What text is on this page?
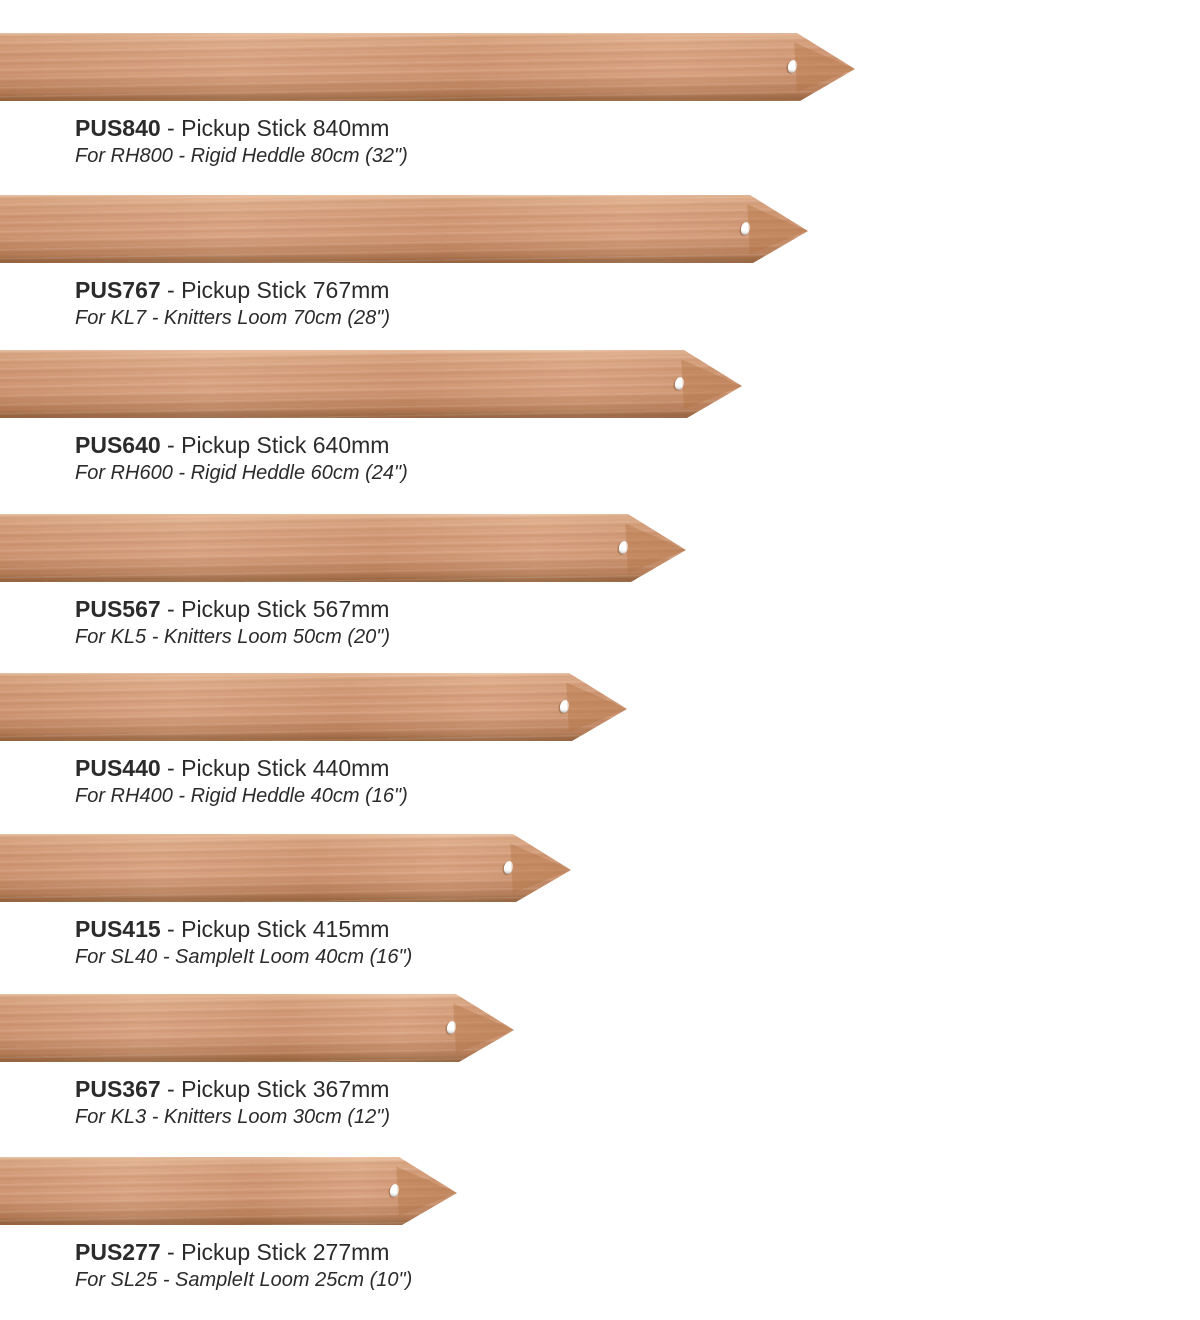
PUS840 - Pickup Stick 840mm

For RH800 - Rigid Heddle 80cm (32")

PUS767 - Pickup Stick 767mm

For KL7 - Knitters Loom 70cm (28")

PUS640 - Pickup Stick 640mm

For RH600 - Rigid Heddle 60cm (24")

PUS567 - Pickup Stick 567mm

For KL5 - Knitters Loom 50cm (20")

PUS440 - Pickup Stick 440mm

For RH400 - Rigid Heddle 40cm (16")

PUS415 - Pickup Stick 415mm

For SL40 - SampleIt Loom 40cm (16")

PUS367 - Pickup Stick 367mm

For KL3 - Knitters Loom 30cm (12")

PUS277 - Pickup Stick 277mm

For SL25 - SampleIt Loom 25cm (10")
